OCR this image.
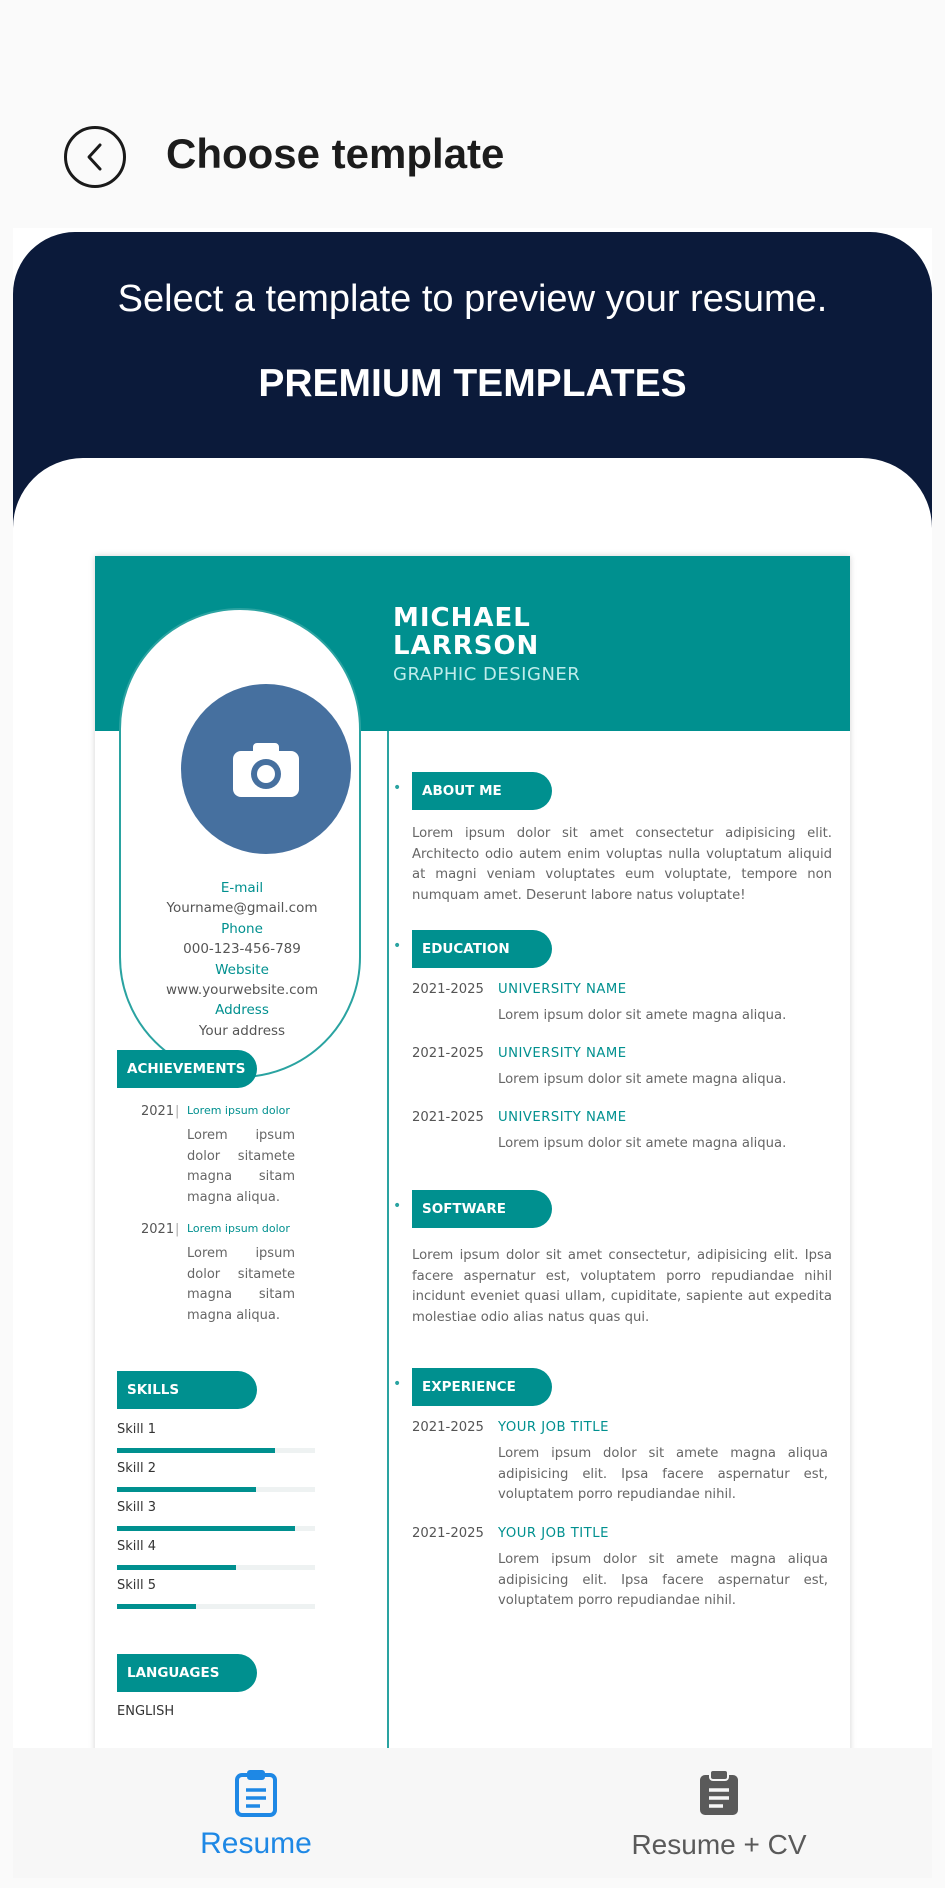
Choose template
Select a template to preview your resume.
PREMIUM TEMPLATES
MICHAEL
LARRSON
GRAPHIC DESIGNER
E-mail
Yourname@gmail.com
Phone
000-123-456-789
Website
www.yourwebsite.com
Address
Your address
•	ABOUT ME
Lorem ipsum dolor sit amet consectetur adipisicing elit. Architecto odio autem enim voluptas nulla voluptatum aliquid at magni veniam voluptates eum voluptate, tempore non numquam amet. Deserunt labore natus voluptate!
•	EDUCATION
2021-2025 UNIVERSITY NAME
Lorem ipsum dolor sit amete magna aliqua.
2021-2025 UNIVERSITY NAME
Lorem ipsum dolor sit amete magna aliqua.
2021-2025 UNIVERSITY NAME
Lorem ipsum dolor sit amete magna aliqua.
•	SOFTWARE
Lorem ipsum dolor sit amet consectetur, adipisicing elit. Ipsa facere aspernatur est, voluptatem porro repudiandae nihil incidunt eveniet quasi ullam, cupiditate, sapiente aut expedita molestiae odio alias natus quas qui.
•	EXPERIENCE
2021-2025 YOUR JOB TITLE
Lorem ipsum dolor sit amete magna aliqua adipisicing elit. Ipsa facere aspernatur est, voluptatem porro repudiandae nihil.
2021-2025 YOUR JOB TITLE
Lorem ipsum dolor sit amete magna aliqua adipisicing elit. Ipsa facere aspernatur est, voluptatem porro repudiandae nihil.
ACHIEVEMENTS
2021 | Lorem ipsum dolor
Lorem ipsum dolor sitamete magna sitam magna aliqua.
2021 | Lorem ipsum dolor
Lorem ipsum dolor sitamete magna sitam magna aliqua.
SKILLS
Skill 1
Skill 2
Skill 3
Skill 4
Skill 5
LANGUAGES
ENGLISH
Resume	Resume + CV
